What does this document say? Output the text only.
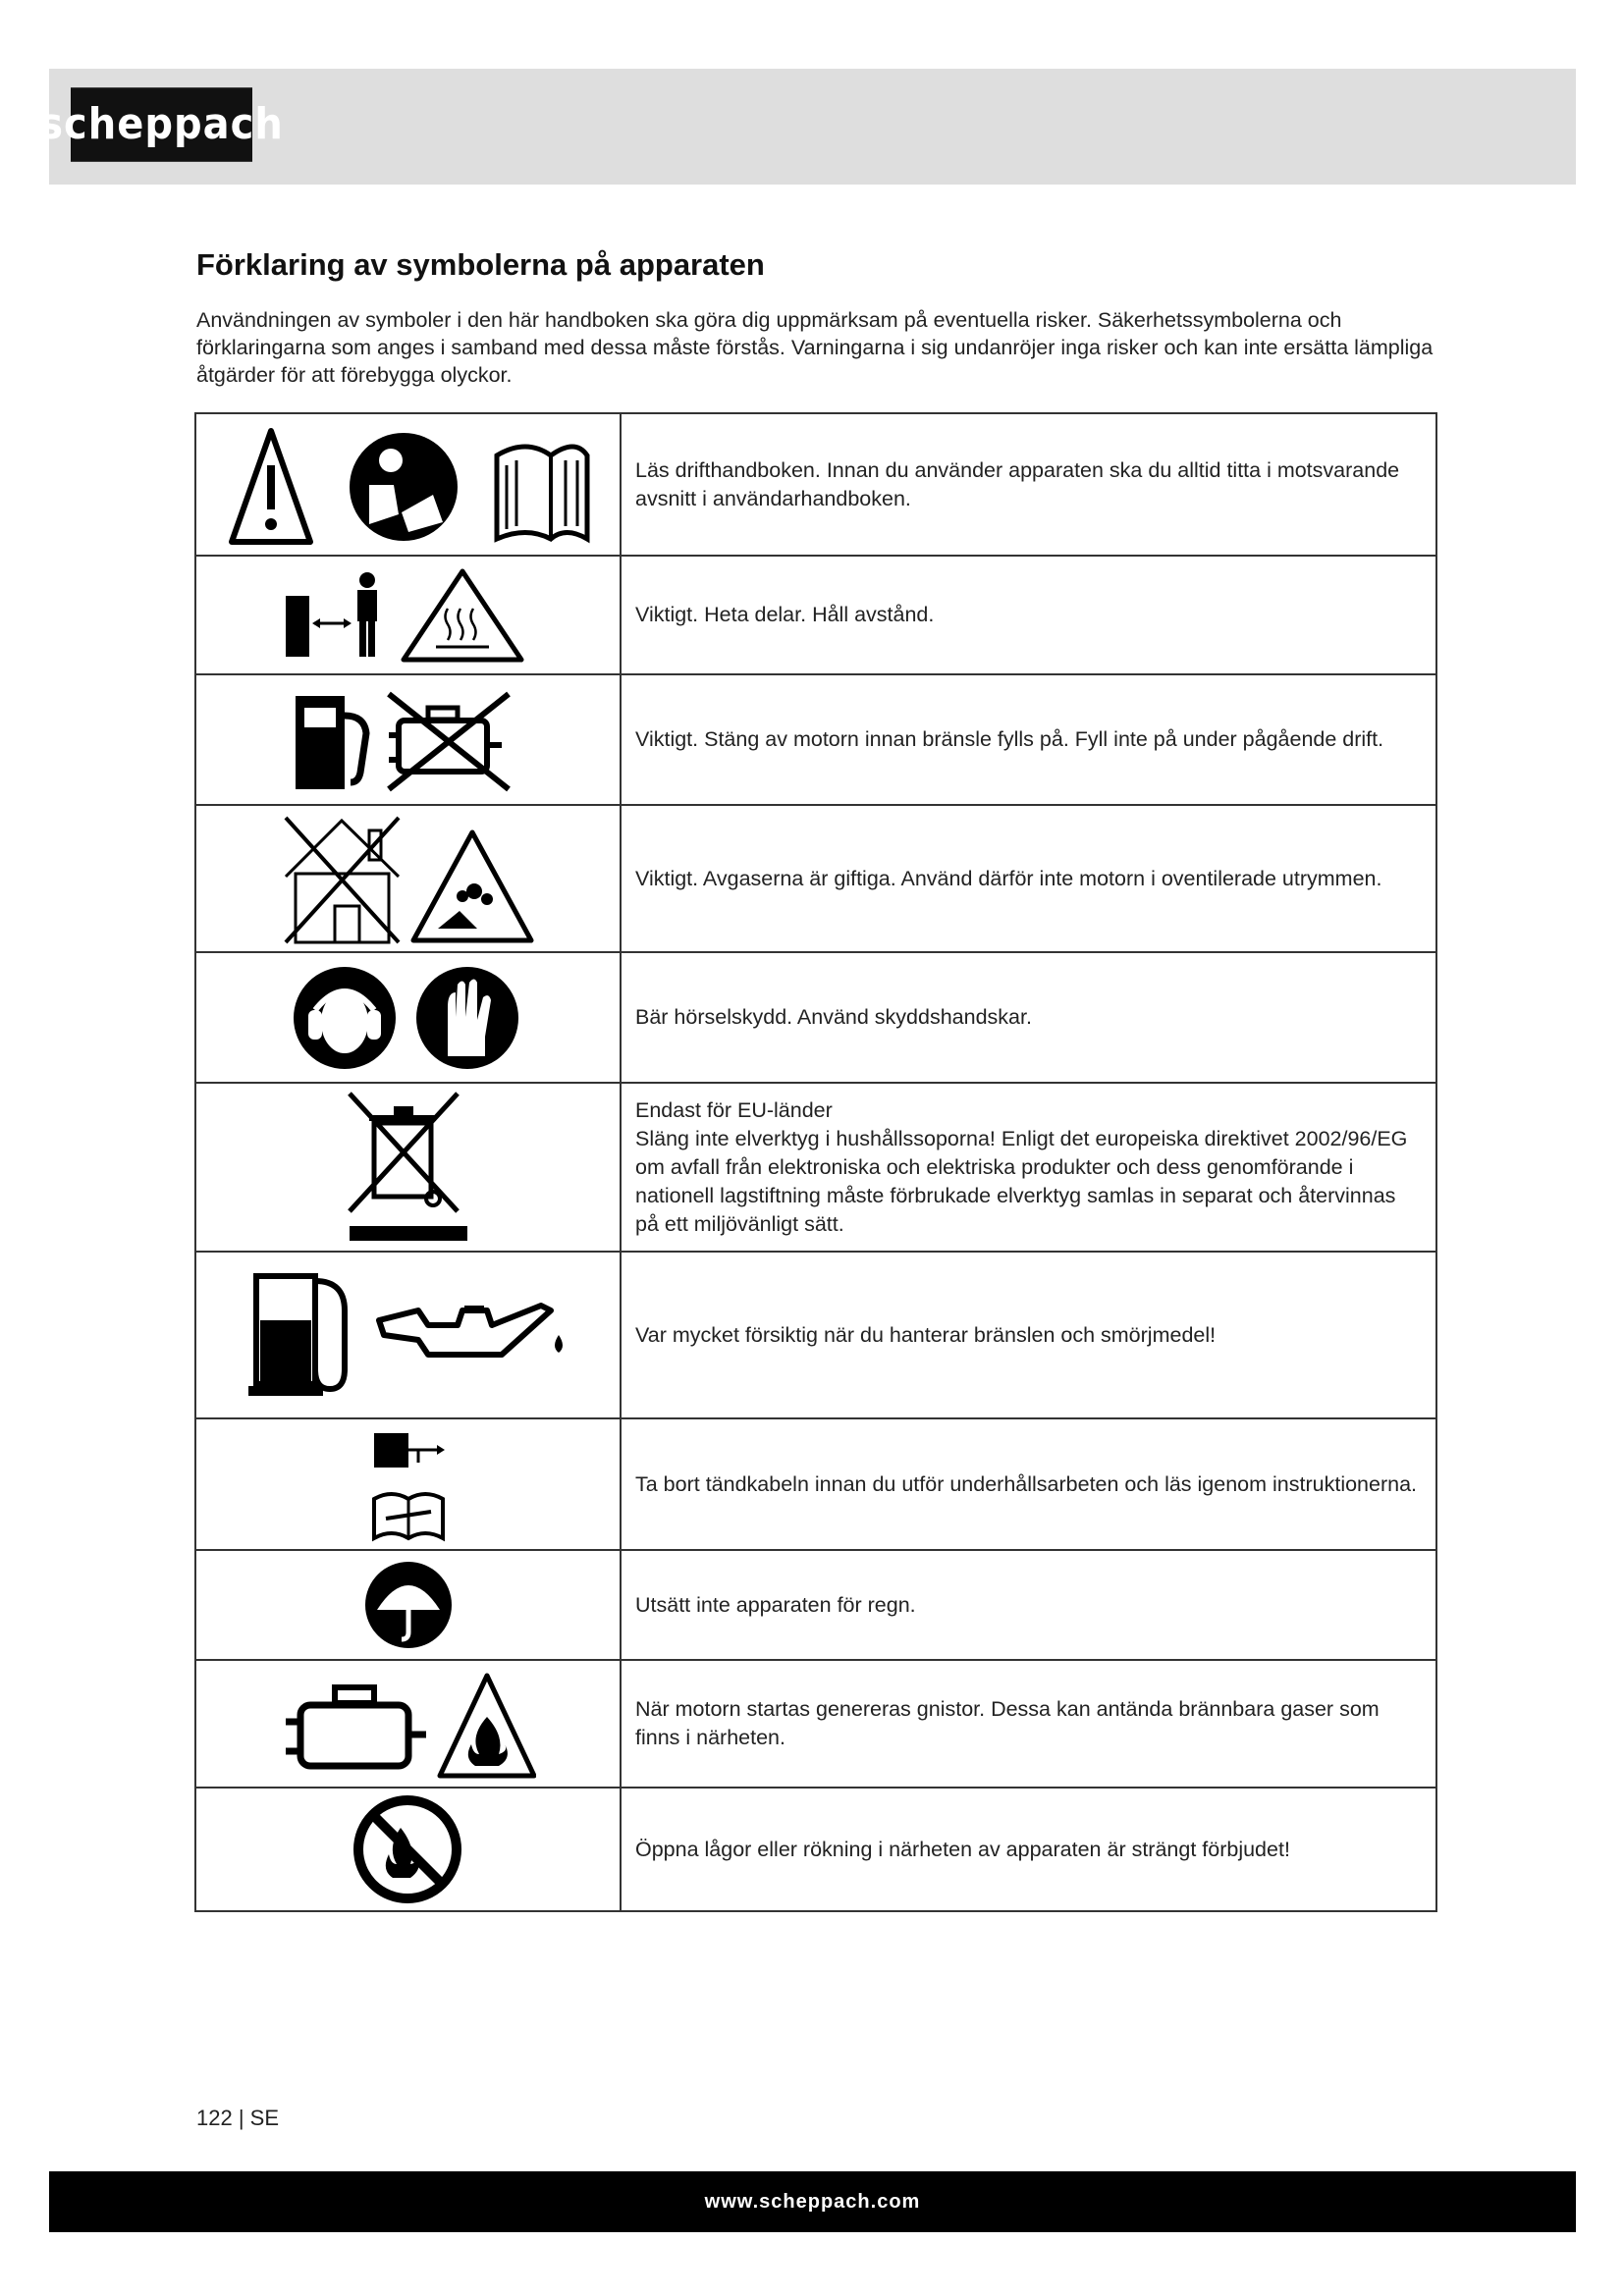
scheppach
Förklaring av symbolerna på apparaten

Användningen av symboler i den här handboken ska göra dig uppmärksam på eventuella risker. Säkerhetssymbolerna och förklaringarna som anges i samband med dessa måste förstås. Varningarna i sig undanröjer inga risker och kan inte ersätta lämpliga åtgärder för att förebygga olyckor.

Läs drifthandboken. Innan du använder apparaten ska du alltid titta i motsvarande avsnitt i användarhandboken.

Viktigt. Heta delar. Håll avstånd.

Viktigt. Stäng av motorn innan bränsle fylls på. Fyll inte på under pågående drift.

Viktigt. Avgaserna är giftiga. Använd därför inte motorn i oventilerade utrymmen.

Bär hörselskydd. Använd skyddshandskar.

Endast för EU-länder

Släng inte elverktyg i hushållssoporna! Enligt det europeiska direktivet 2002/96/EG om avfall från elektroniska och elektriska produkter och dess genomförande i nationell lagstiftning måste förbrukade elverktyg samlas in separat och återvinnas på ett miljövänligt sätt.

Var mycket försiktig när du hanterar bränslen och smörjmedel!

Ta bort tändkabeln innan du utför underhållsarbeten och läs igenom instruktionerna.

Utsätt inte apparaten för regn.

När motorn startas genereras gnistor. Dessa kan antända brännbara gaser som finns i närheten.

Öppna lågor eller rökning i närheten av apparaten är strängt förbjudet!

122 | SE
www.scheppach.com
